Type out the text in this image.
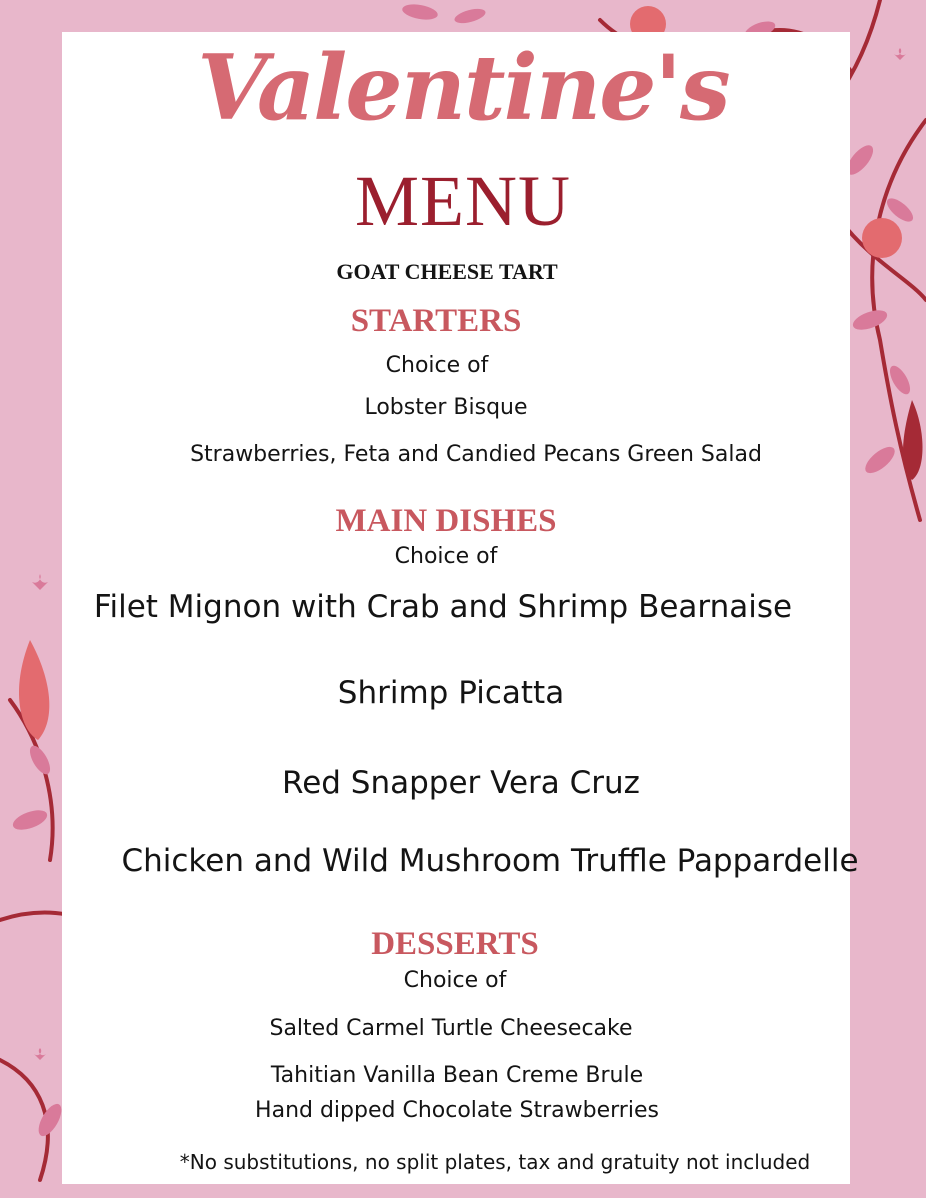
Valentine's
MENU
GOAT CHEESE TART
STARTERS
Choice of
Lobster Bisque
Strawberries, Feta and Candied Pecans Green Salad
MAIN DISHES
Choice of
Filet Mignon with Crab and Shrimp Bearnaise
Shrimp Picatta
Red Snapper Vera Cruz
Chicken and Wild Mushroom Truffle Pappardelle
DESSERTS
Choice of
Salted Carmel Turtle Cheesecake
Tahitian Vanilla Bean Creme Brule
Hand dipped Chocolate Strawberries
*No substitutions, no split plates, tax and gratuity not included
